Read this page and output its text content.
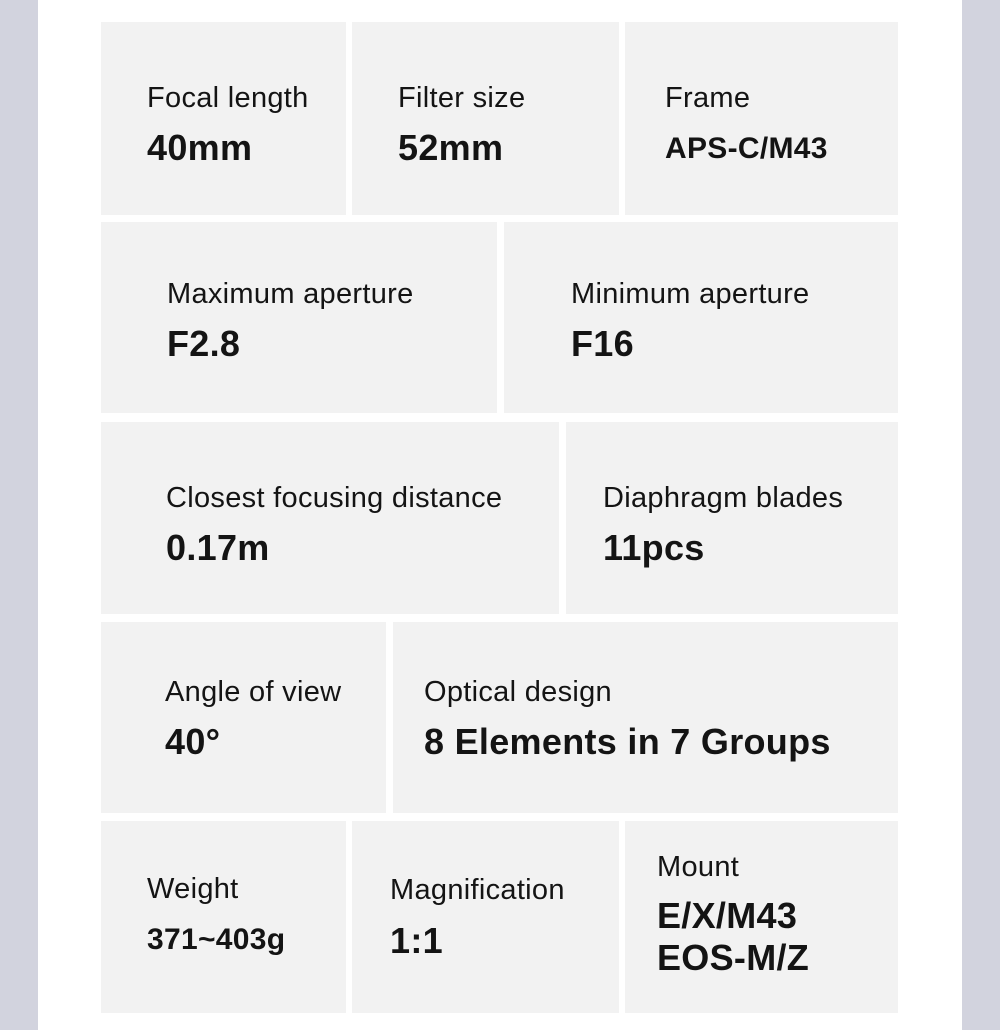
Focal length
40mm
Filter size
52mm
Frame
APS-C/M43
Maximum aperture
F2.8
Minimum aperture
F16
Closest focusing distance
0.17m
Diaphragm blades
11pcs
Angle of view
40°
Optical design
8 Elements in 7 Groups
Weight
371~403g
Magnification
1:1
Mount
E/X/M43
EOS-M/Z
